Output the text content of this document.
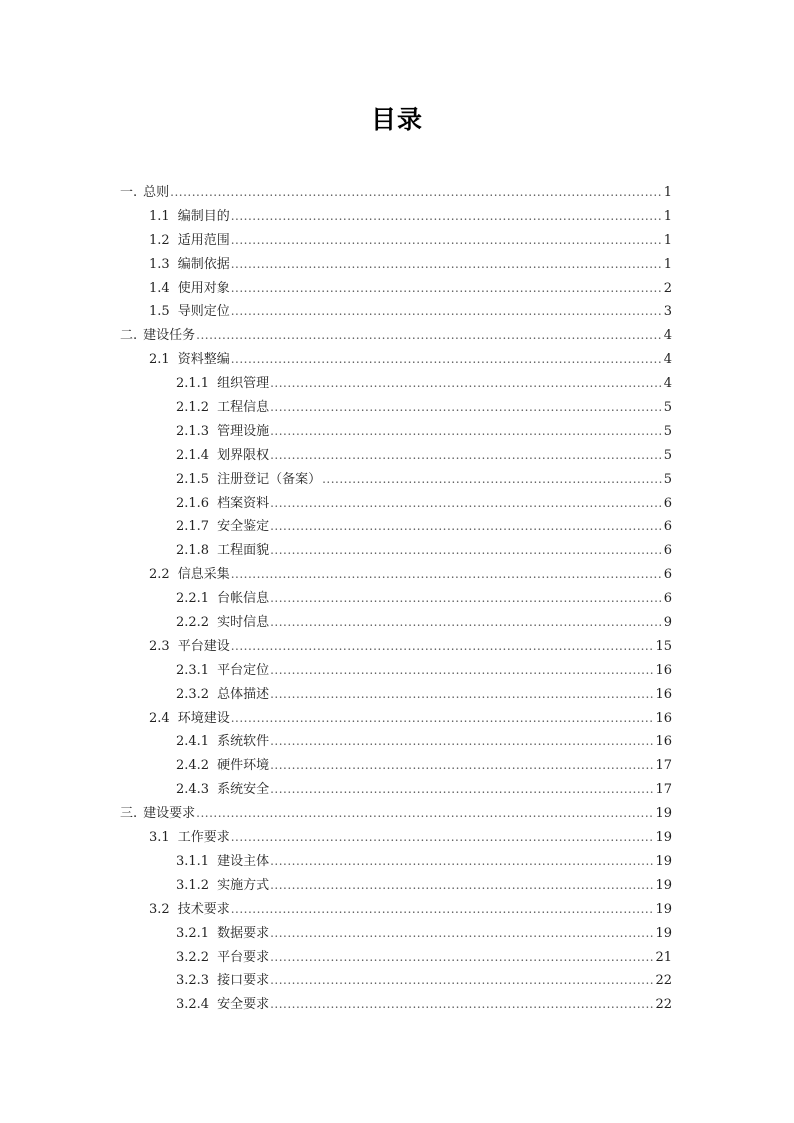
目录
一. 总则 .....	1
1.1 编制目的 .....	1
1.2 适用范围 .....	1
1.3 编制依据 .....	1
1.4 使用对象 .....	2
1.5 导则定位 .....	3
二. 建设任务 .....	4
2.1 资料整编 .....	4
2.1.1 组织管理 .....	4
2.1.2 工程信息 .....	5
2.1.3 管理设施 .....	5
2.1.4 划界限权 .....	5
2.1.5 注册登记（备案） .....	5
2.1.6 档案资料 .....	6
2.1.7 安全鉴定 .....	6
2.1.8 工程面貌 .....	6
2.2 信息采集 .....	6
2.2.1 台帐信息 .....	6
2.2.2 实时信息 .....	9
2.3 平台建设 .....	15
2.3.1 平台定位 .....	16
2.3.2 总体描述 .....	16
2.4 环境建设 .....	16
2.4.1 系统软件 .....	16
2.4.2 硬件环境 .....	17
2.4.3 系统安全 .....	17
三. 建设要求 .....	19
3.1 工作要求 .....	19
3.1.1 建设主体 .....	19
3.1.2 实施方式 .....	19
3.2 技术要求 .....	19
3.2.1 数据要求 .....	19
3.2.2 平台要求 .....	21
3.2.3 接口要求 .....	22
3.2.4 安全要求 .....	22
